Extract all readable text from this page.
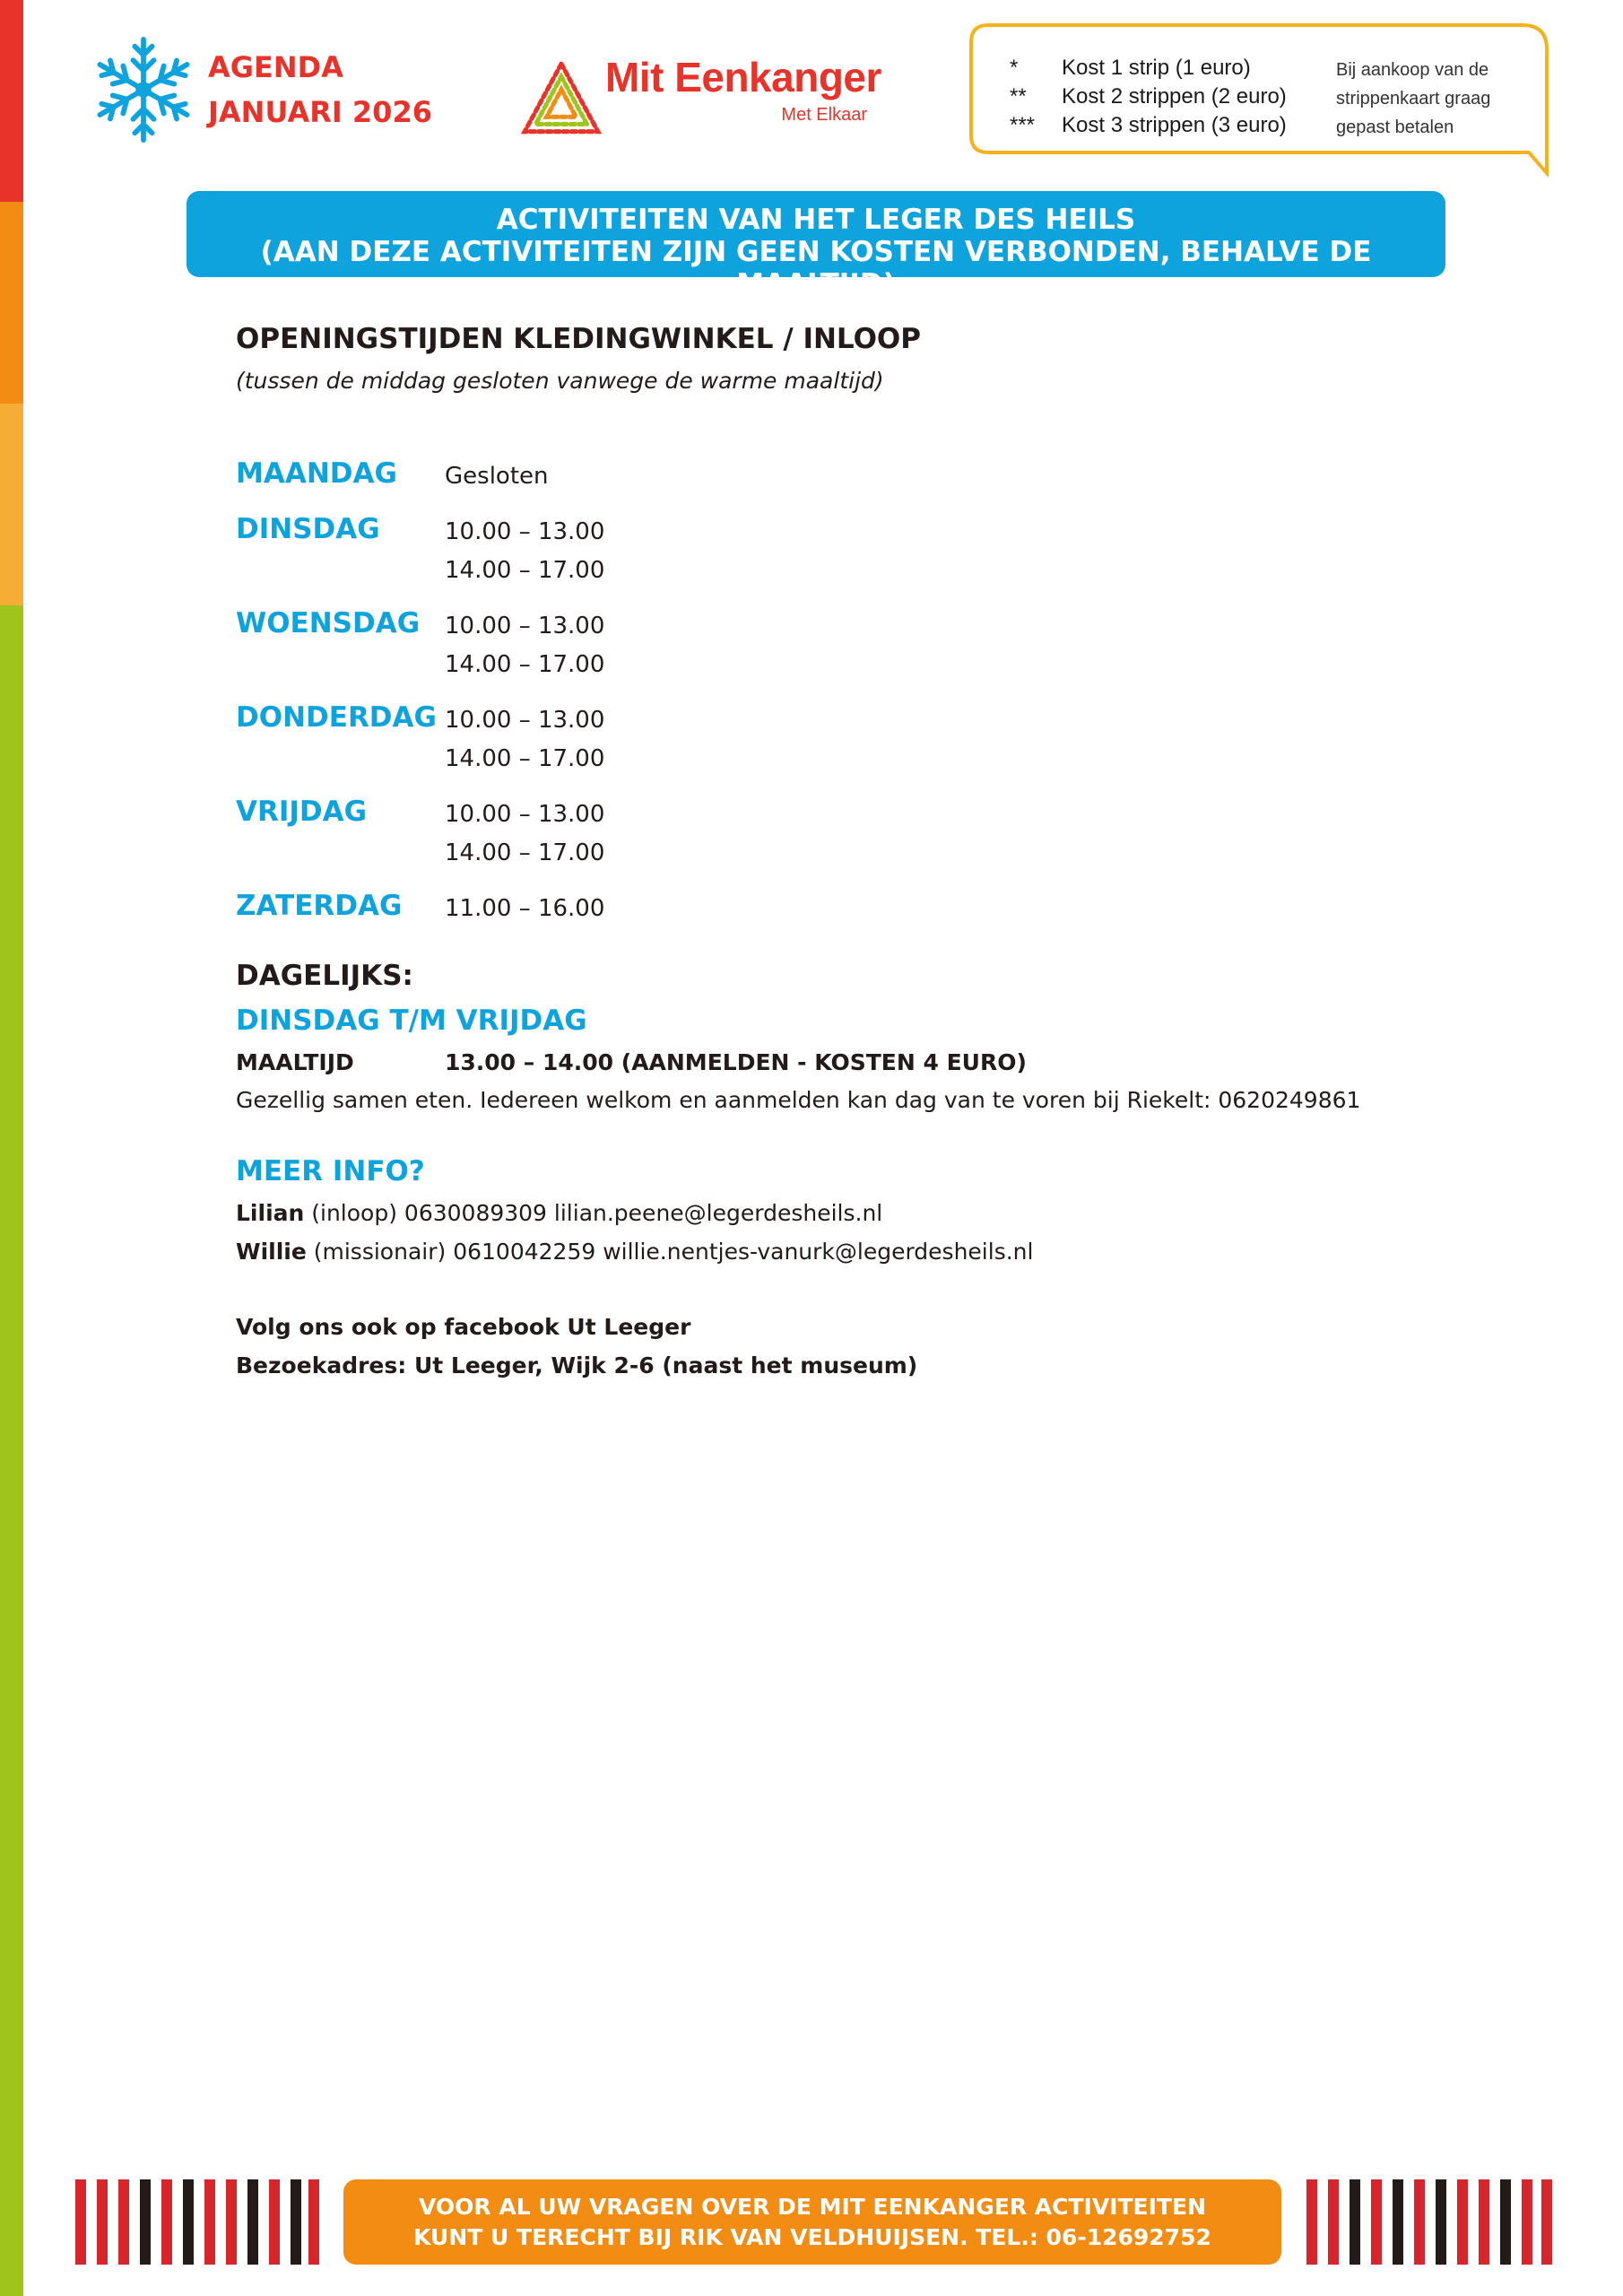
AGENDA
JANUARI 2026
Mit Eenkanger
Met Elkaar
*	Kost 1 strip (1 euro)
**	Kost 2 strippen (2 euro)
***	Kost 3 strippen (3 euro)
Bij aankoop van de strippenkaart graag gepast betalen
ACTIVITEITEN VAN HET LEGER DES HEILS
(AAN DEZE ACTIVITEITEN ZIJN GEEN KOSTEN VERBONDEN, BEHALVE DE MAALTIJD)
OPENINGSTIJDEN KLEDINGWINKEL / INLOOP
(tussen de middag gesloten vanwege de warme maaltijd)
MAANDAG Gesloten
DINSDAG	10.00 – 13.00
14.00 – 17.00
WOENSDAG 10.00 – 13.00
14.00 – 17.00
DONDERDAG 10.00 – 13.00
14.00 – 17.00
VRIJDAG	10.00 – 13.00
14.00 – 17.00
ZATERDAG 11.00 – 16.00
DAGELIJKS:
DINSDAG T/M VRIJDAG
MAALTIJD	13.00 – 14.00 (AANMELDEN - KOSTEN 4 EURO)
Gezellig samen eten. Iedereen welkom en aanmelden kan dag van te voren bij Riekelt: 0620249861
MEER INFO?
Lilian (inloop) 0630089309 lilian.peene@legerdesheils.nl
Willie (missionair) 0610042259 willie.nentjes-vanurk@legerdesheils.nl
Volg ons ook op facebook Ut Leeger
Bezoekadres: Ut Leeger, Wijk 2-6 (naast het museum)
VOOR AL UW VRAGEN OVER DE MIT EENKANGER ACTIVITEITEN
KUNT U TERECHT BIJ RIK VAN VELDHUIJSEN. TEL.: 06-12692752
